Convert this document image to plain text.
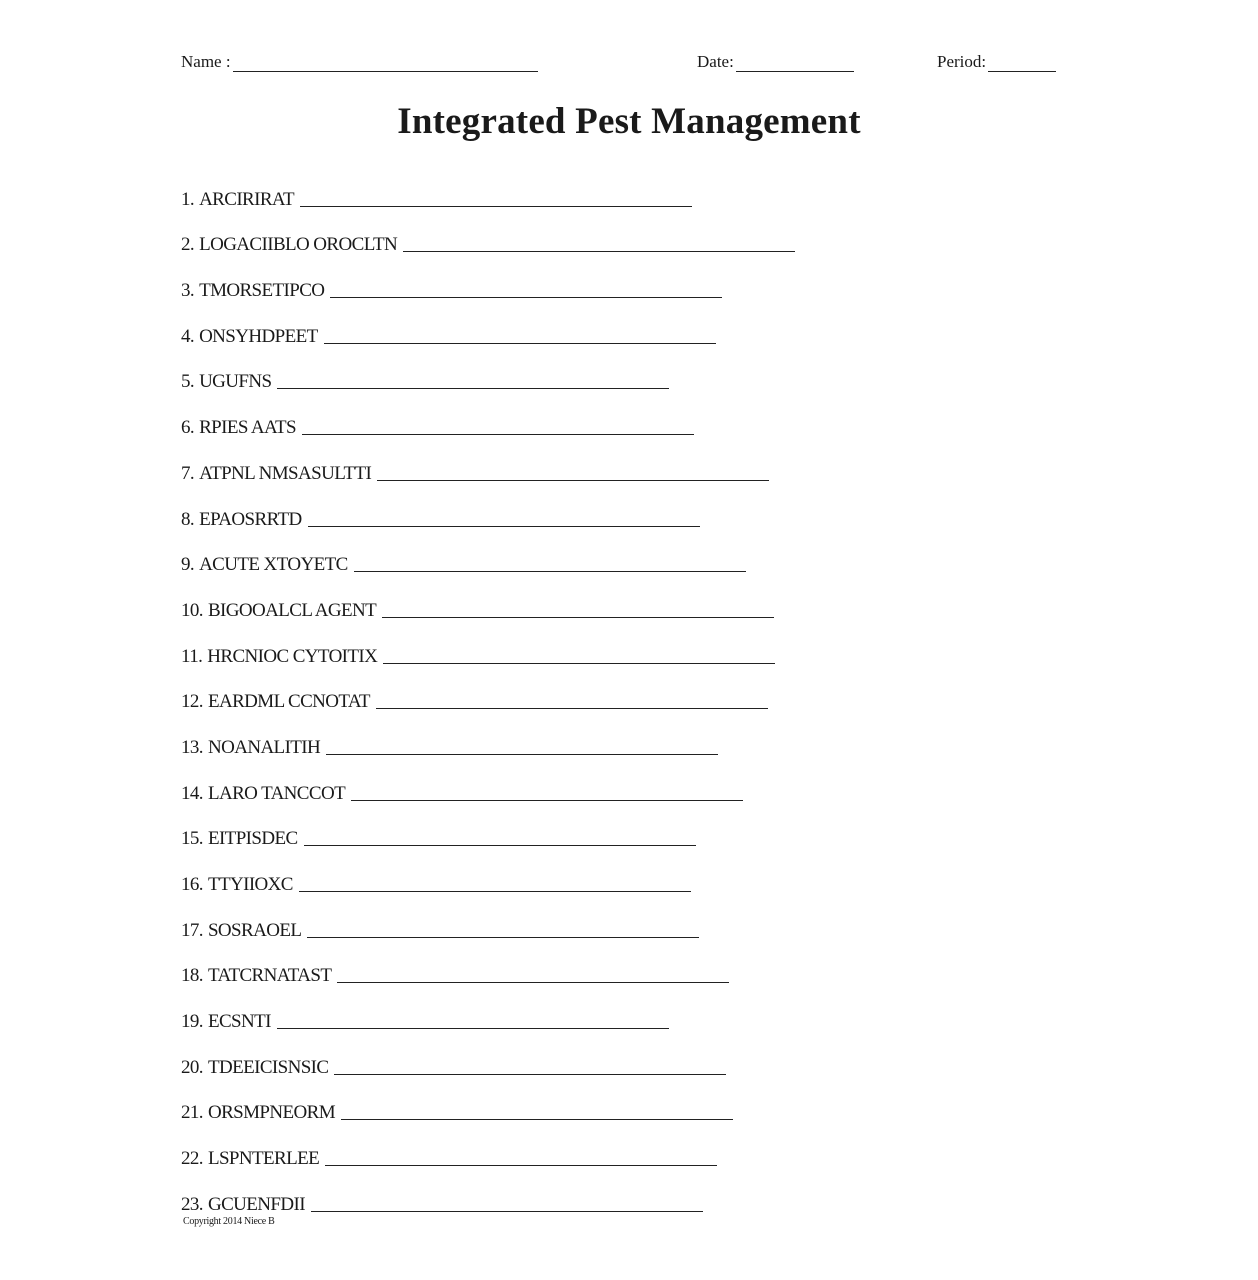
Name :	Date:	Period:
Integrated Pest Management
1. ARCIRIRAT
2. LOGACIIBLO OROCLTN
3. TMORSETIPCO
4. ONSYHDPEET
5. UGUFNS
6. RPIES AATS
7. ATPNL NMSASULTTI
8. EPAOSRRTD
9. ACUTE XTOYETC
10. BIGOOALCL AGENT
11. HRCNIOC CYTOITIX
12. EARDML CCNOTAT
13. NOANALITIH
14. LARO TANCCOT
15. EITPISDEC
16. TTYIIOXC
17. SOSRAOEL
18. TATCRNATAST
19. ECSNTI
20. TDEEICISNSIC
21. ORSMPNEORM
22. LSPNTERLEE
23. GCUENFDII
Copyright 2014 Niece B
